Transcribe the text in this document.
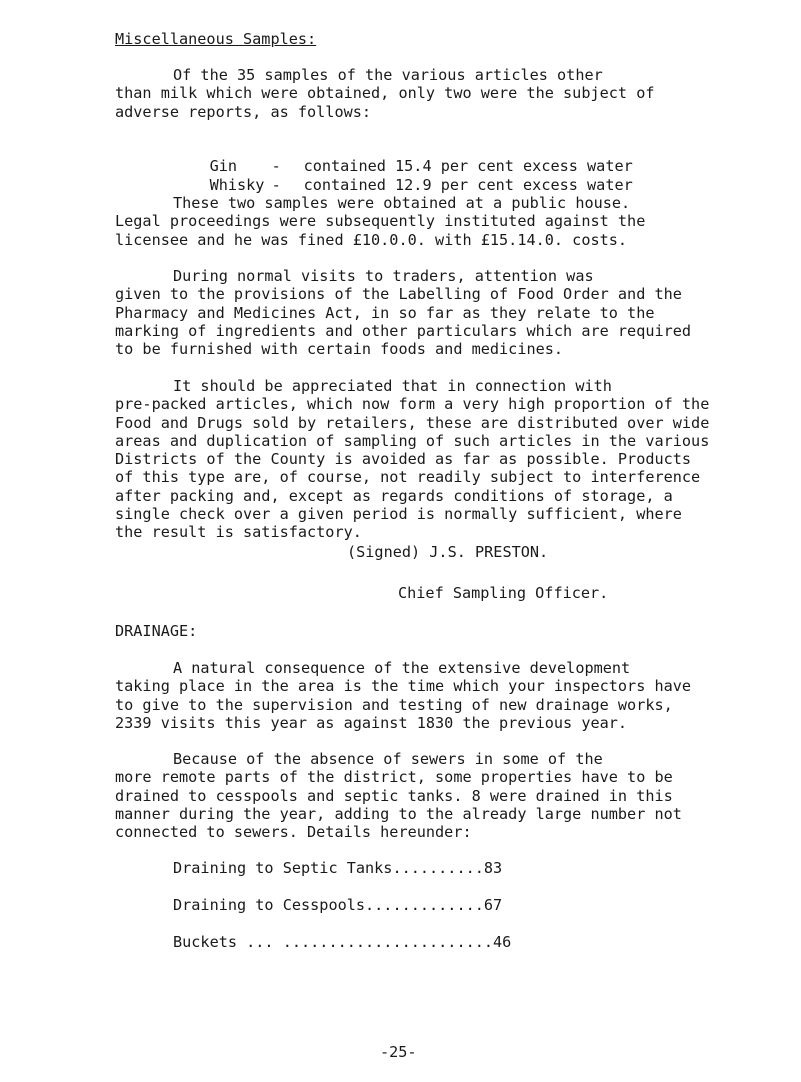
Miscellaneous Samples:
Of the 35 samples of the various articles other
than milk which were obtained, only two were the subject of
adverse reports, as follows:

Gin - contained 15.4 per cent excess water

Whisky - contained 12.9 per cent excess water

These two samples were obtained at a public house.
Legal proceedings were subsequently instituted against the
licensee and he was fined £10.0.0. with £15.14.0. costs.
During normal visits to traders, attention was
given to the provisions of the Labelling of Food Order and the
Pharmacy and Medicines Act, in so far as they relate to the
marking of ingredients and other particulars which are required
to be furnished with certain foods and medicines.
It should be appreciated that in connection with
pre-packed articles, which now form a very high proportion of the
Food and Drugs sold by retailers, these are distributed over wide
areas and duplication of sampling of such articles in the various
Districts of the County is avoided as far as possible. Products
of this type are, of course, not readily subject to interference
after packing and, except as regards conditions of storage, a
single check over a given period is normally sufficient, where
the result is satisfactory.
(Signed) J.S. PRESTON.
Chief Sampling Officer.
DRAINAGE:
A natural consequence of the extensive development
taking place in the area is the time which your inspectors have
to give to the supervision and testing of new drainage works,
2339 visits this year as against 1830 the previous year.
Because of the absence of sewers in some of the
more remote parts of the district, some properties have to be
drained to cesspools and septic tanks. 8 were drained in this
manner during the year, adding to the already large number not
connected to sewers. Details hereunder:
Draining to Septic Tanks..........83
Draining to Cesspools.............67
Buckets ... .......................46
-25-
